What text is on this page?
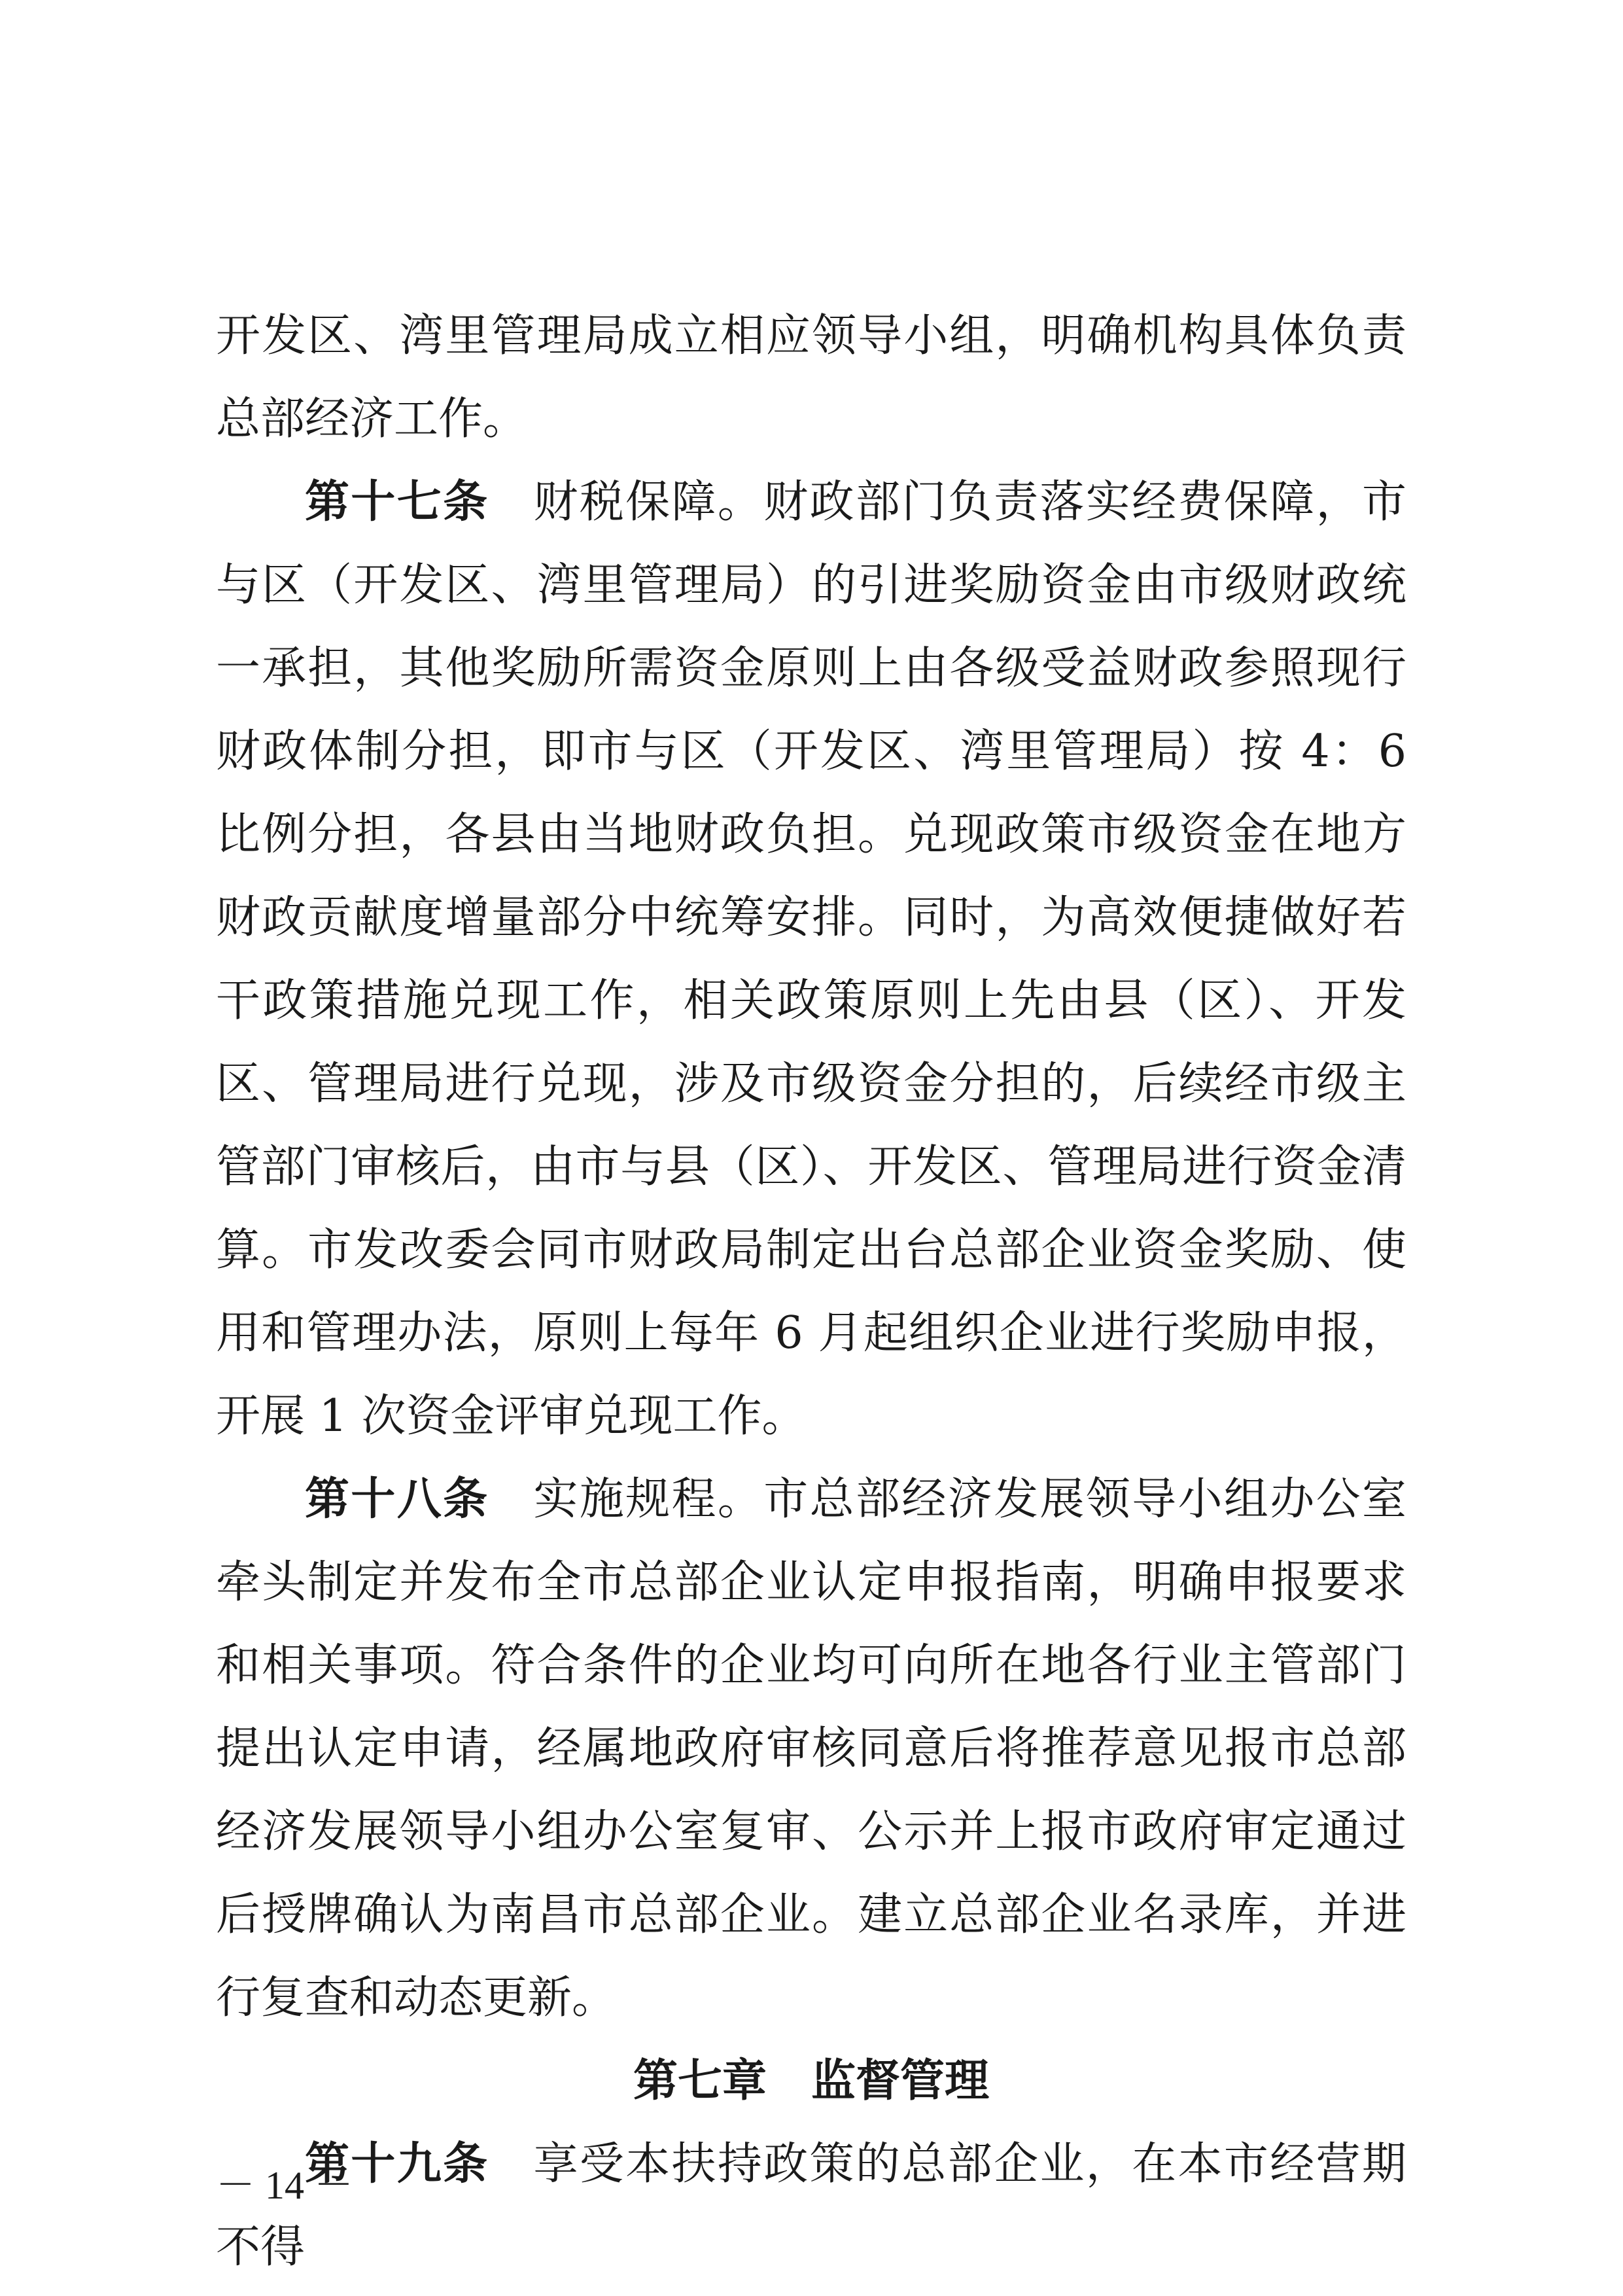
开发区、湾里管理局成立相应领导小组，明确机构具体负责总部经济工作。

第十七条 财税保障。财政部门负责落实经费保障，市与区（开发区、湾里管理局）的引进奖励资金由市级财政统一承担，其他奖励所需资金原则上由各级受益财政参照现行财政体制分担，即市与区（开发区、湾里管理局）按 4：6 比例分担，各县由当地财政负担。兑现政策市级资金在地方财政贡献度增量部分中统筹安排。同时，为高效便捷做好若干政策措施兑现工作，相关政策原则上先由县（区）、开发区、管理局进行兑现，涉及市级资金分担的，后续经市级主管部门审核后，由市与县（区）、开发区、管理局进行资金清算。市发改委会同市财政局制定出台总部企业资金奖励、使用和管理办法，原则上每年 6 月起组织企业进行奖励申报，开展 1 次资金评审兑现工作。

第十八条 实施规程。市总部经济发展领导小组办公室牵头制定并发布全市总部企业认定申报指南，明确申报要求和相关事项。符合条件的企业均可向所在地各行业主管部门提出认定申请，经属地政府审核同意后将推荐意见报市总部经济发展领导小组办公室复审、公示并上报市政府审定通过后授牌确认为南昌市总部企业。建立总部企业名录库，并进行复查和动态更新。

第七章 监督管理

第十九条 享受本扶持政策的总部企业，在本市经营期不得

－ 14 －
